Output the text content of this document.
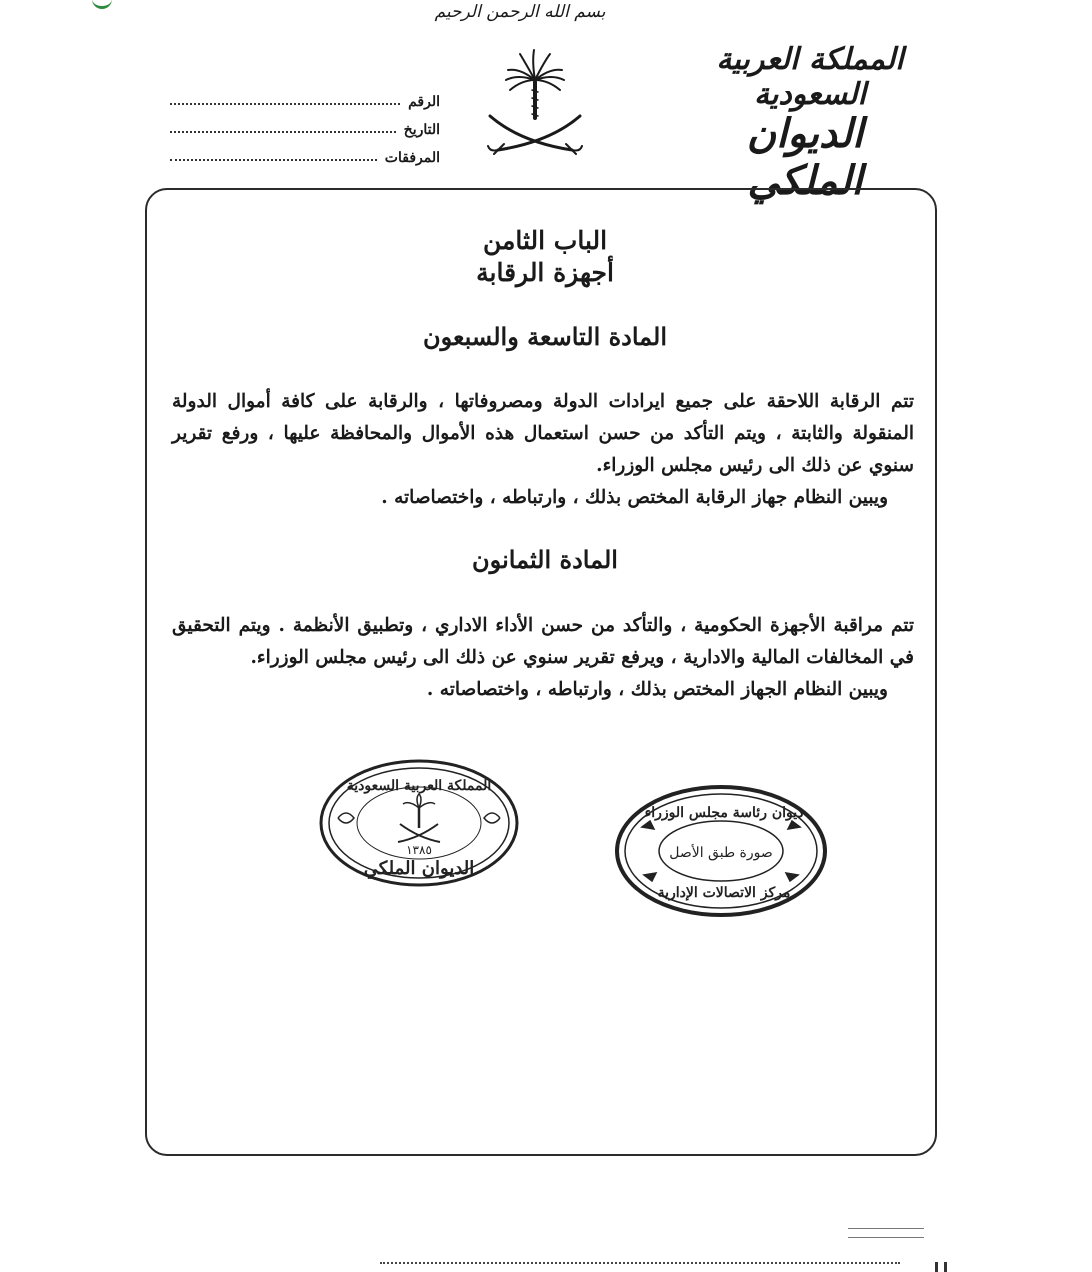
بسم الله الرحمن الرحيم
المملكة العربية السعودية
الديوان الملكي
الرقم
التاريخ
المرفقات
الباب الثامن
أجهزة الرقابة
المادة التاسعة والسبعون

تتم الرقابة اللاحقة على جميع ايرادات الدولة ومصروفاتها ، والرقابة على كافة أموال الدولة المنقولة والثابتة ، ويتم التأكد من حسن استعمال هذه الأموال والمحافظة عليها ، ورفع تقرير سنوي عن ذلك الى رئيس مجلس الوزراء.

ويبين النظام جهاز الرقابة المختص بذلك ، وارتباطه ، واختصاصاته .

المادة الثمانون

تتم مراقبة الأجهزة الحكومية ، والتأكد من حسن الأداء الاداري ، وتطبيق الأنظمة . ويتم التحقيق في المخالفات المالية والادارية ، ويرفع تقرير سنوي عن ذلك الى رئيس مجلس الوزراء.

ويبين النظام الجهاز المختص بذلك ، وارتباطه ، واختصاصاته .

المملكة العربية السعودية
١٣٨٥
الديوان الملكي
ديوان رئاسة مجلس الوزراء
صورة طبق الأصل
مركز الاتصالات الإدارية
